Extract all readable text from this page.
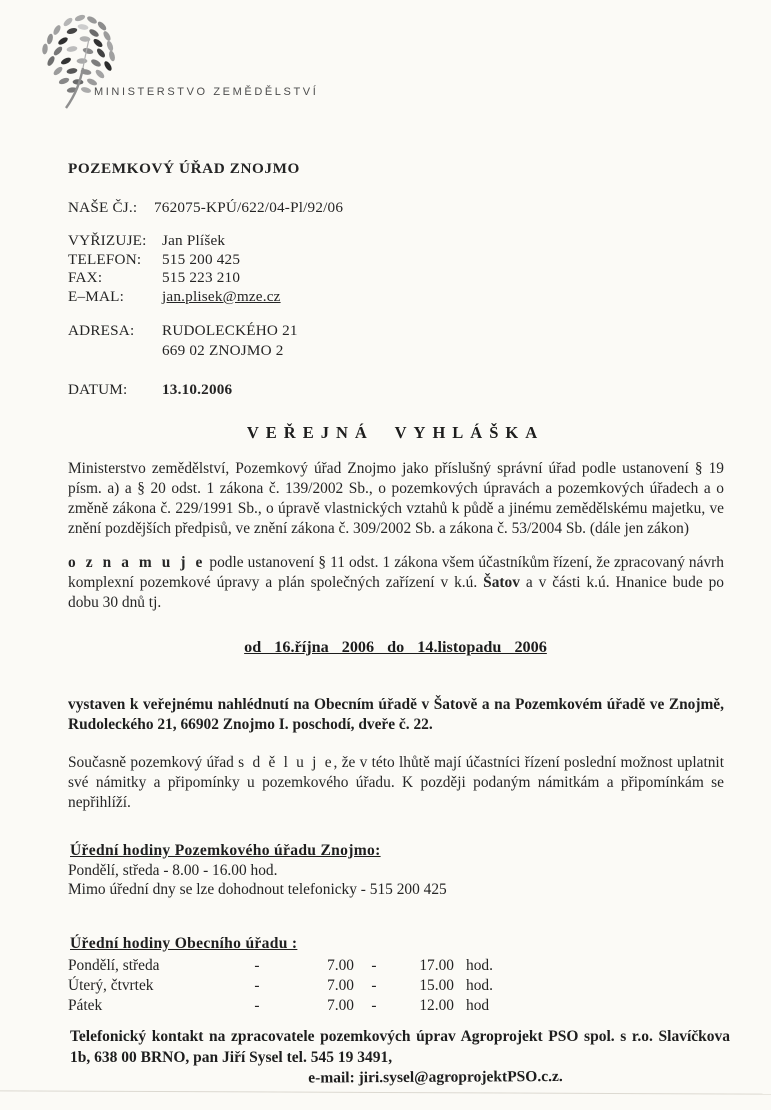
MINISTERSTVO ZEMĚDĚLSTVÍ
POZEMKOVÝ ÚŘAD ZNOJMO
NAŠE ČJ.: 762075-KPÚ/622/04-Pl/92/06
VYŘIZUJE: Jan Plíšek
TELEFON: 515 200 425
FAX:	515 223 210
E–MAL: jan.plisek@mze.cz
ADRESA: RUDOLECKÉHO 21
669 02 ZNOJMO 2
DATUM: 13.10.2006
VEŘEJNÁ VYHLÁŠKA
Ministerstvo zemědělství, Pozemkový úřad Znojmo jako příslušný správní úřad podle ustanovení § 19 písm. a) a § 20 odst. 1 zákona č. 139/2002 Sb., o pozemkových úpravách a pozemkových úřadech a o změně zákona č. 229/1991 Sb., o úpravě vlastnických vztahů k půdě a jinému zemědělskému majetku, ve znění pozdějších předpisů, ve znění zákona č. 309/2002 Sb. a zákona č. 53/2004 Sb. (dále jen zákon)
o z n a m u j e podle ustanovení § 11 odst. 1 zákona všem účastníkům řízení, že zpracovaný návrh komplexní pozemkové úpravy a plán společných zařízení v k.ú. Šatov a v části k.ú. Hnanice bude po dobu 30 dnů tj.
od 16.října 2006 do 14.listopadu 2006
vystaven k veřejnému nahlédnutí na Obecním úřadě v Šatově a na Pozemkovém úřadě ve Znojmě, Rudoleckého 21, 66902 Znojmo I. poschodí, dveře č. 22.
Současně pozemkový úřad s d ě l u j e, že v této lhůtě mají účastníci řízení poslední možnost uplatnit své námitky a připomínky u pozemkového úřadu. K později podaným námitkám a připomínkám se nepřihlíží.
Úřední hodiny Pozemkového úřadu Znojmo:
Pondělí, středa - 8.00 - 16.00 hod.
Mimo úřední dny se lze dohodnout telefonicky - 515 200 425
Úřední hodiny Obecního úřadu :
Pondělí, středa	-	7.00	-	17.00 hod.
Úterý, čtvrtek	-	7.00	-	15.00 hod.
Pátek	-	7.00	-	12.00 hod
Telefonický kontakt na zpracovatele pozemkových úprav Agroprojekt PSO spol. s r.o. Slavíčkova 1b, 638 00 BRNO, pan Jiří Sysel tel. 545 19 3491,
e-mail: jiri.sysel@agroprojektPSO.c.z.
